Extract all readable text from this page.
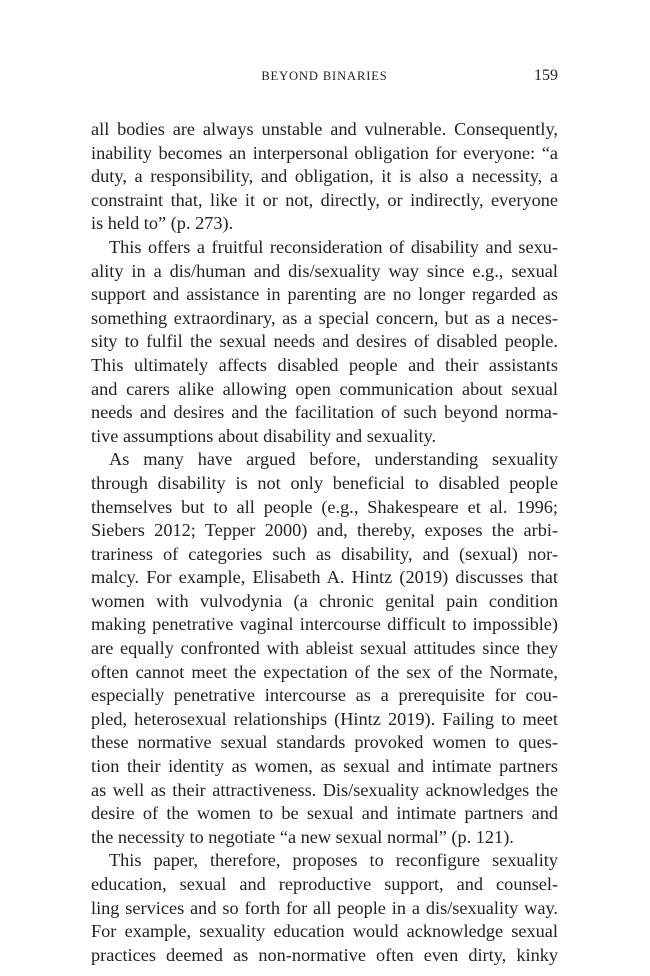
BEYOND BINARIES	159
all bodies are always unstable and vulnerable. Consequently,
inability becomes an interpersonal obligation for everyone: “a
duty, a responsibility, and obligation, it is also a necessity, a
constraint that, like it or not, directly, or indirectly, everyone
is held to” (p. 273).
This offers a fruitful reconsideration of disability and sexu-
ality in a dis/human and dis/sexuality way since e.g., sexual
support and assistance in parenting are no longer regarded as
something extraordinary, as a special concern, but as a neces-
sity to fulfil the sexual needs and desires of disabled people.
This ultimately affects disabled people and their assistants
and carers alike allowing open communication about sexual
needs and desires and the facilitation of such beyond norma-
tive assumptions about disability and sexuality.
As many have argued before, understanding sexuality
through disability is not only beneficial to disabled people
themselves but to all people (e.g., Shakespeare et al. 1996;
Siebers 2012; Tepper 2000) and, thereby, exposes the arbi-
trariness of categories such as disability, and (sexual) nor-
malcy. For example, Elisabeth A. Hintz (2019) discusses that
women with vulvodynia (a chronic genital pain condition
making penetrative vaginal intercourse difficult to impossible)
are equally confronted with ableist sexual attitudes since they
often cannot meet the expectation of the sex of the Normate,
especially penetrative intercourse as a prerequisite for cou-
pled, heterosexual relationships (Hintz 2019). Failing to meet
these normative sexual standards provoked women to ques-
tion their identity as women, as sexual and intimate partners
as well as their attractiveness. Dis/sexuality acknowledges the
desire of the women to be sexual and intimate partners and
the necessity to negotiate “a new sexual normal” (p. 121).
This paper, therefore, proposes to reconfigure sexuality
education, sexual and reproductive support, and counsel-
ling services and so forth for all people in a dis/sexuality way.
For example, sexuality education would acknowledge sexual
practices deemed as non-normative often even dirty, kinky
